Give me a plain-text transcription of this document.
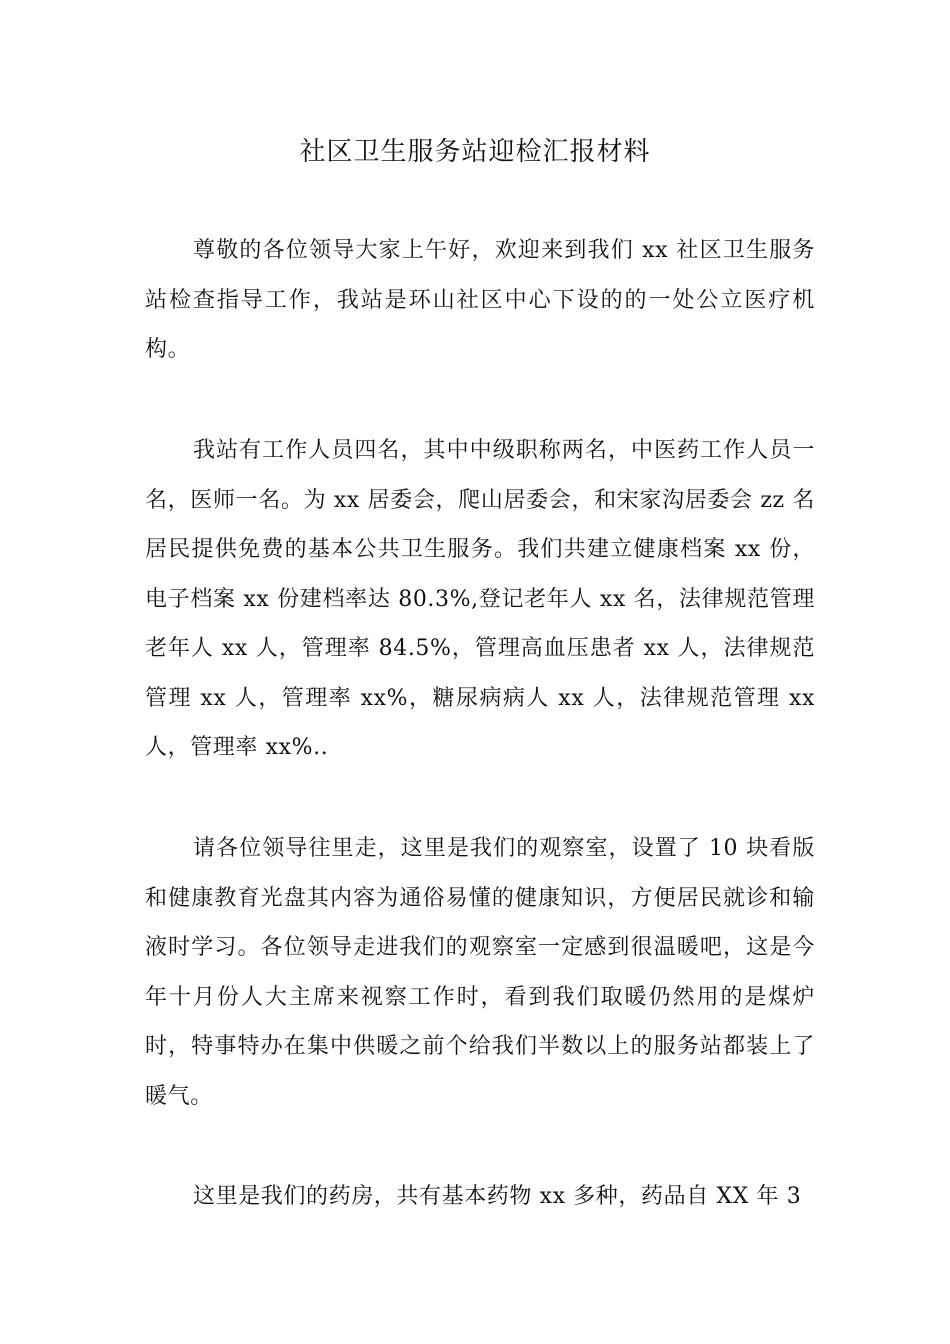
社区卫生服务站迎检汇报材料

尊敬的各位领导大家上午好，欢迎来到我们 xx 社区卫生服务站检查指导工作，我站是环山社区中心下设的的一处公立医疗机构。

我站有工作人员四名，其中中级职称两名，中医药工作人员一名，医师一名。为 xx 居委会，爬山居委会，和宋家沟居委会 zz 名居民提供免费的基本公共卫生服务。我们共建立健康档案 xx 份，电子档案 xx 份建档率达 80.3%,登记老年人 xx 名，法律规范管理老年人 xx 人，管理率 84.5%，管理高血压患者 xx 人，法律规范管理 xx 人，管理率 xx%，糖尿病病人 xx 人，法律规范管理 xx 人，管理率 xx%..

请各位领导往里走，这里是我们的观察室，设置了 10 块看版和健康教育光盘其内容为通俗易懂的健康知识，方便居民就诊和输液时学习。各位领导走进我们的观察室一定感到很温暖吧，这是今年十月份人大主席来视察工作时，看到我们取暖仍然用的是煤炉时，特事特办在集中供暖之前个给我们半数以上的服务站都装上了暖气。

这里是我们的药房，共有基本药物 xx 多种，药品自 XX 年 3
